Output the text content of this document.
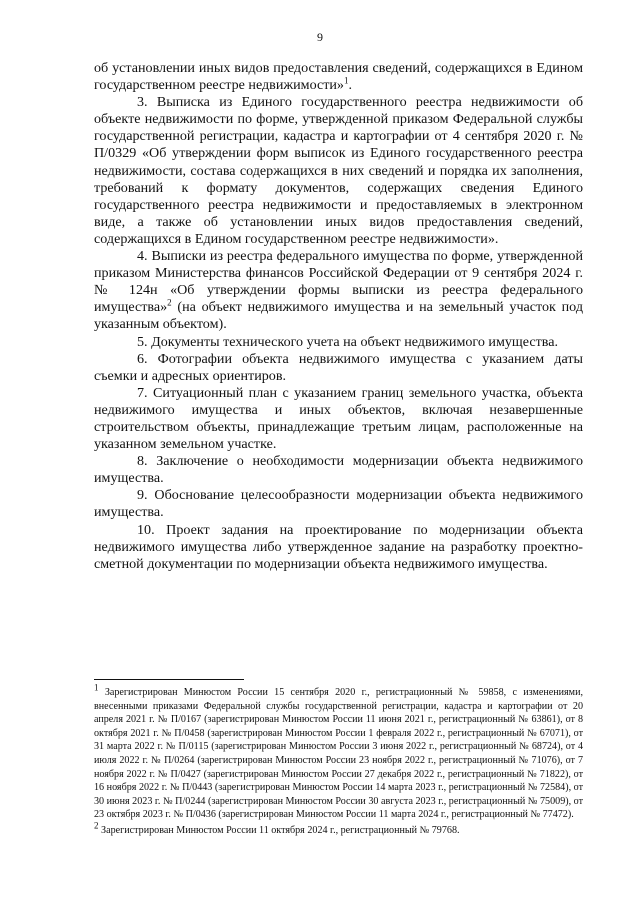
9

об установлении иных видов предоставления сведений, содержащихся в Едином государственном реестре недвижимости»$^1$.

3. Выписка из Единого государственного реестра недвижимости об объекте недвижимости по форме, утвержденной приказом Федеральной службы государственной регистрации, кадастра и картографии от 4 сентября 2020 г. № П/0329 «Об утверждении форм выписок из Единого государственного реестра недвижимости, состава содержащихся в них сведений и порядка их заполнения, требований к формату документов, содержащих сведения Единого государственного реестра недвижимости и предоставляемых в электронном виде, а также об установлении иных видов предоставления сведений, содержащихся в Едином государственном реестре недвижимости».

4. Выписки из реестра федерального имущества по форме, утвержденной приказом Министерства финансов Российской Федерации от 9 сентября 2024 г. № 124н «Об утверждении формы выписки из реестра федерального имущества»$^2$ (на объект недвижимого имущества и на земельный участок под указанным объектом).

5. Документы технического учета на объект недвижимого имущества.

6. Фотографии объекта недвижимого имущества с указанием даты съемки и адресных ориентиров.

7. Ситуационный план с указанием границ земельного участка, объекта недвижимого имущества и иных объектов, включая незавершенные строительством объекты, принадлежащие третьим лицам, расположенные на указанном земельном участке.

8. Заключение о необходимости модернизации объекта недвижимого имущества.

9. Обоснование целесообразности модернизации объекта недвижимого имущества.

10. Проект задания на проектирование по модернизации объекта недвижимого имущества либо утвержденное задание на разработку проектно-сметной документации по модернизации объекта недвижимого имущества.

$^1$ Зарегистрирован Минюстом России 15 сентября 2020 г., регистрационный № 59858, с изменениями, внесенными приказами Федеральной службы государственной регистрации, кадастра и картографии от 20 апреля 2021 г. № П/0167 (зарегистрирован Минюстом России 11 июня 2021 г., регистрационный № 63861), от 8 октября 2021 г. № П/0458 (зарегистрирован Минюстом России 1 февраля 2022 г., регистрационный № 67071), от 31 марта 2022 г. № П/0115 (зарегистрирован Минюстом России 3 июня 2022 г., регистрационный № 68724), от 4 июля 2022 г. № П/0264 (зарегистрирован Минюстом России 23 ноября 2022 г., регистрационный № 71076), от 7 ноября 2022 г. № П/0427 (зарегистрирован Минюстом России 27 декабря 2022 г., регистрационный № 71822), от 16 ноября 2022 г. № П/0443 (зарегистрирован Минюстом России 14 марта 2023 г., регистрационный № 72584), от 30 июня 2023 г. № П/0244 (зарегистрирован Минюстом России 30 августа 2023 г., регистрационный № 75009), от 23 октября 2023 г. № П/0436 (зарегистрирован Минюстом России 11 марта 2024 г., регистрационный № 77472).

$^2$ Зарегистрирован Минюстом России 11 октября 2024 г., регистрационный № 79768.
